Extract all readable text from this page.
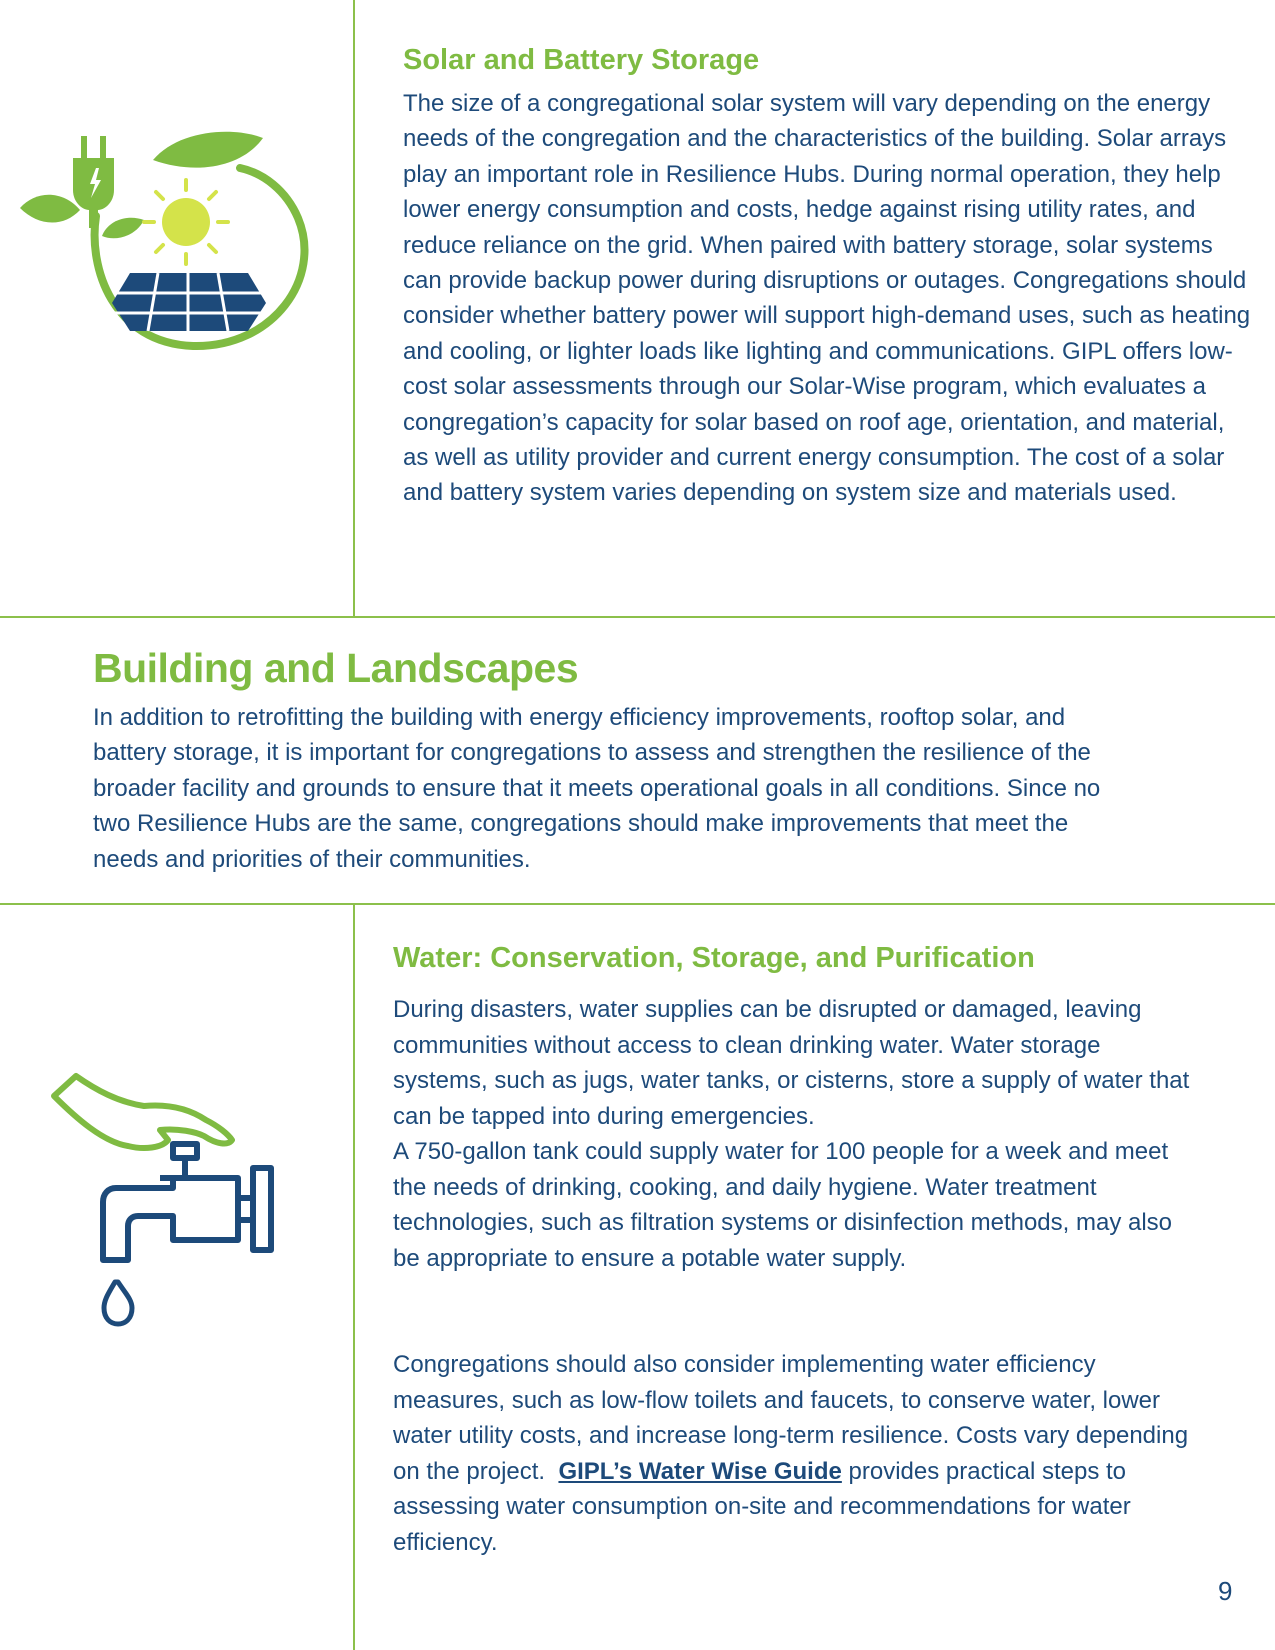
Solar and Battery Storage

The size of a congregational solar system will vary depending on the energy needs of the congregation and the characteristics of the building. Solar arrays play an important role in Resilience Hubs. During normal operation, they help lower energy consumption and costs, hedge against rising utility rates, and reduce reliance on the grid. When paired with battery storage, solar systems can provide backup power during disruptions or outages. Congregations should consider whether battery power will support high-demand uses, such as heating and cooling, or lighter loads like lighting and communications. GIPL offers low-cost solar assessments through our Solar-Wise program, which evaluates a congregation’s capacity for solar based on roof age, orientation, and material, as well as utility provider and current energy consumption. The cost of a solar and battery system varies depending on system size and materials used.

Building and Landscapes

In addition to retrofitting the building with energy efficiency improvements, rooftop solar, and battery storage, it is important for congregations to assess and strengthen the resilience of the broader facility and grounds to ensure that it meets operational goals in all conditions. Since no two Resilience Hubs are the same, congregations should make improvements that meet the needs and priorities of their communities.

Water: Conservation, Storage, and Purification

During disasters, water supplies can be disrupted or damaged, leaving communities without access to clean drinking water. Water storage systems, such as jugs, water tanks, or cisterns, store a supply of water that can be tapped into during emergencies.

A 750-gallon tank could supply water for 100 people for a week and meet the needs of drinking, cooking, and daily hygiene. Water treatment technologies, such as filtration systems or disinfection methods, may also be appropriate to ensure a potable water supply.

Congregations should also consider implementing water efficiency measures, such as low-flow toilets and faucets, to conserve water, lower water utility costs, and increase long-term resilience. Costs vary depending on the project. GIPL’s Water Wise Guide provides practical steps to assessing water consumption on-site and recommendations for water efficiency.

9
